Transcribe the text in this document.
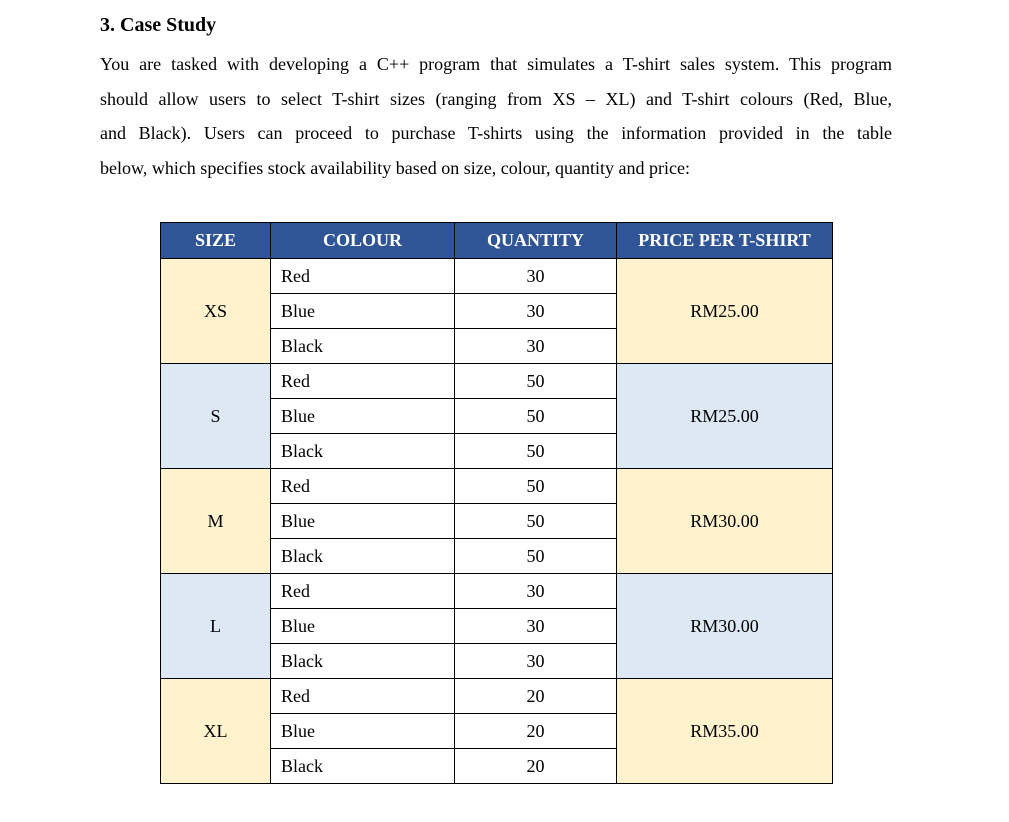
3. Case Study

You are tasked with developing a C++ program that simulates a T-shirt sales system. This program
should allow users to select T-shirt sizes (ranging from XS – XL) and T-shirt colours (Red, Blue,
and Black). Users can proceed to purchase T-shirts using the information provided in the table
below, which specifies stock availability based on size, colour, quantity and price:

SIZE	COLOUR	QUANTITY	PRICE PER T-SHIRT
XS	Red	30	RM25.00
	Blue	30	
	Black	30	
S	Red	50	RM25.00
	Blue	50	
	Black	50	
M	Red	50	RM30.00
	Blue	50	
	Black	50	
L	Red	30	RM30.00
	Blue	30	
	Black	30	
XL	Red	20	RM35.00
	Blue	20	
	Black	20	
